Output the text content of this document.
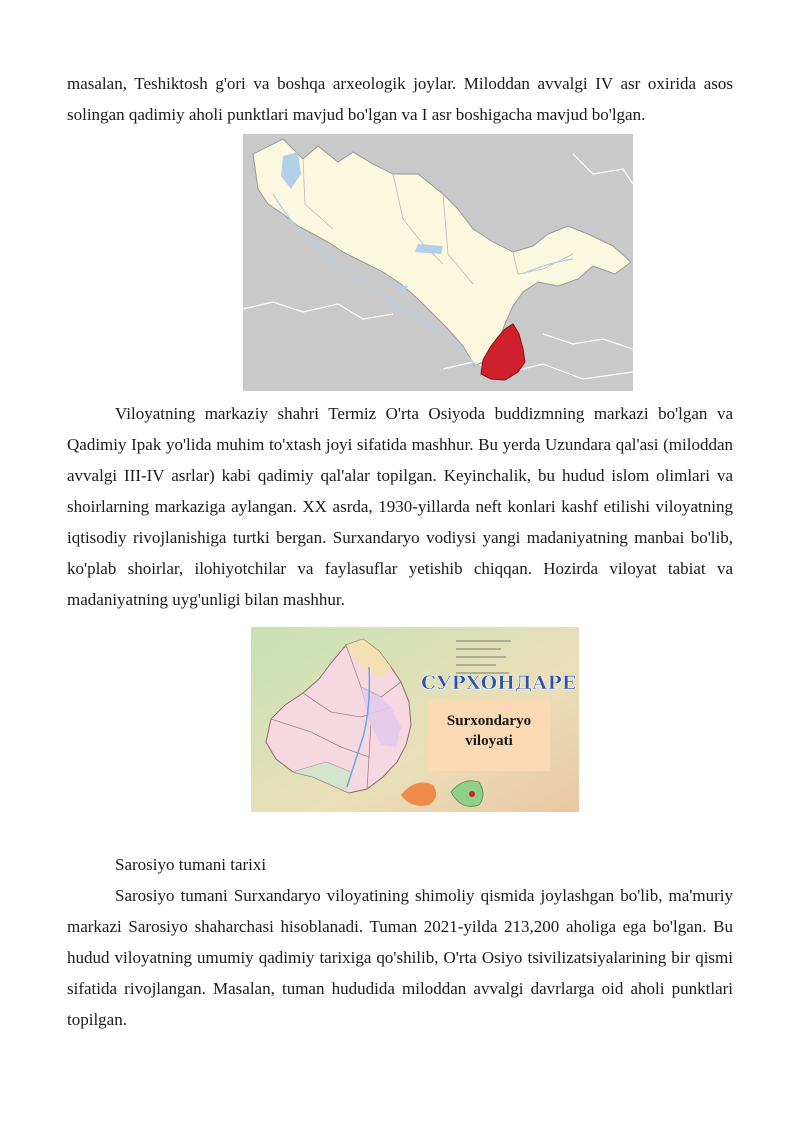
masalan, Teshiktosh g'ori va boshqa arxeologik joylar. Miloddan avvalgi IV asr oxirida asos solingan qadimiy aholi punktlari mavjud bo'lgan va I asr boshigacha mavjud bo'lgan.

Viloyatning markaziy shahri Termiz O'rta Osiyoda buddizmning markazi bo'lgan va Qadimiy Ipak yo'lida muhim to'xtash joyi sifatida mashhur. Bu yerda Uzundara qal'asi (miloddan avvalgi III-IV asrlar) kabi qadimiy qal'alar topilgan. Keyinchalik, bu hudud islom olimlari va shoirlarning markaziga aylangan. XX asrda, 1930-yillarda neft konlari kashf etilishi viloyatning iqtisodiy rivojlanishiga turtki bergan. Surxandaryo vodiysi yangi madaniyatning manbai bo'lib, ko'plab shoirlar, ilohiyotchilar va faylasuflar yetishib chiqqan. Hozirda viloyat tabiat va madaniyatning uyg'unligi bilan mashhur.

СУРХОНДАРЕ
Surxondaryo
viloyati

Sarosiyo tumani tarixi

Sarosiyo tumani Surxandaryo viloyatining shimoliy qismida joylashgan bo'lib, ma'muriy markazi Sarosiyo shaharchasi hisoblanadi. Tuman 2021-yilda 213,200 aholiga ega bo'lgan. Bu hudud viloyatning umumiy qadimiy tarixiga qo'shilib, O'rta Osiyo tsivilizatsiyalarining bir qismi sifatida rivojlangan. Masalan, tuman hududida miloddan avvalgi davrlarga oid aholi punktlari topilgan.
